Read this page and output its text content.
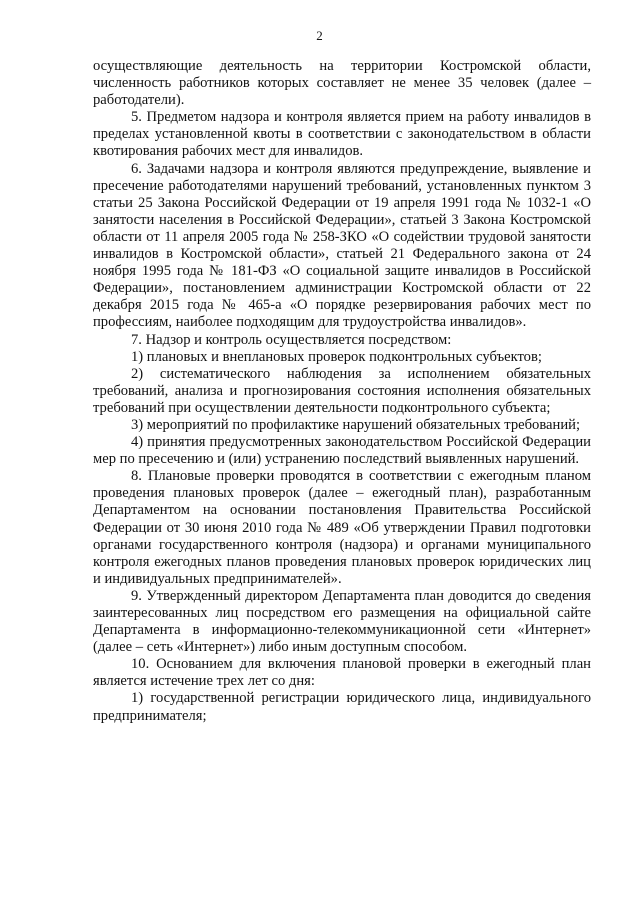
2

осуществляющие деятельность на территории Костромской области, численность работников которых составляет не менее 35 человек (далее – работодатели).

5. Предметом надзора и контроля является прием на работу инвалидов в пределах установленной квоты в соответствии с законодательством в области квотирования рабочих мест для инвалидов.

6. Задачами надзора и контроля являются предупреждение, выявление и пресечение работодателями нарушений требований, установленных пунктом 3 статьи 25 Закона Российской Федерации от 19 апреля 1991 года № 1032-1 «О занятости населения в Российской Федерации», статьей 3 Закона Костромской области от 11 апреля 2005 года № 258-ЗКО «О содействии трудовой занятости инвалидов в Костромской области», статьей 21 Федерального закона от 24 ноября 1995 года № 181-ФЗ «О социальной защите инвалидов в Российской Федерации», постановлением администрации Костромской области от 22 декабря 2015 года № 465-а «О порядке резервирования рабочих мест по профессиям, наиболее подходящим для трудоустройства инвалидов».

7. Надзор и контроль осуществляется посредством:

1) плановых и внеплановых проверок подконтрольных субъектов;

2) систематического наблюдения за исполнением обязательных требований, анализа и прогнозирования состояния исполнения обязательных требований при осуществлении деятельности подконтрольного субъекта;

3) мероприятий по профилактике нарушений обязательных требований;

4) принятия предусмотренных законодательством Российской Федерации мер по пресечению и (или) устранению последствий выявленных нарушений.

8. Плановые проверки проводятся в соответствии с ежегодным планом проведения плановых проверок (далее – ежегодный план), разработанным Департаментом на основании постановления Правительства Российской Федерации от 30 июня 2010 года № 489 «Об утверждении Правил подготовки органами государственного контроля (надзора) и органами муниципального контроля ежегодных планов проведения плановых проверок юридических лиц и индивидуальных предпринимателей».

9. Утвержденный директором Департамента план доводится до сведения заинтересованных лиц посредством его размещения на официальной сайте Департамента в информационно-телекоммуникационной сети «Интернет» (далее – сеть «Интернет») либо иным доступным способом.

10. Основанием для включения плановой проверки в ежегодный план является истечение трех лет со дня:

1) государственной регистрации юридического лица, индивидуального предпринимателя;
